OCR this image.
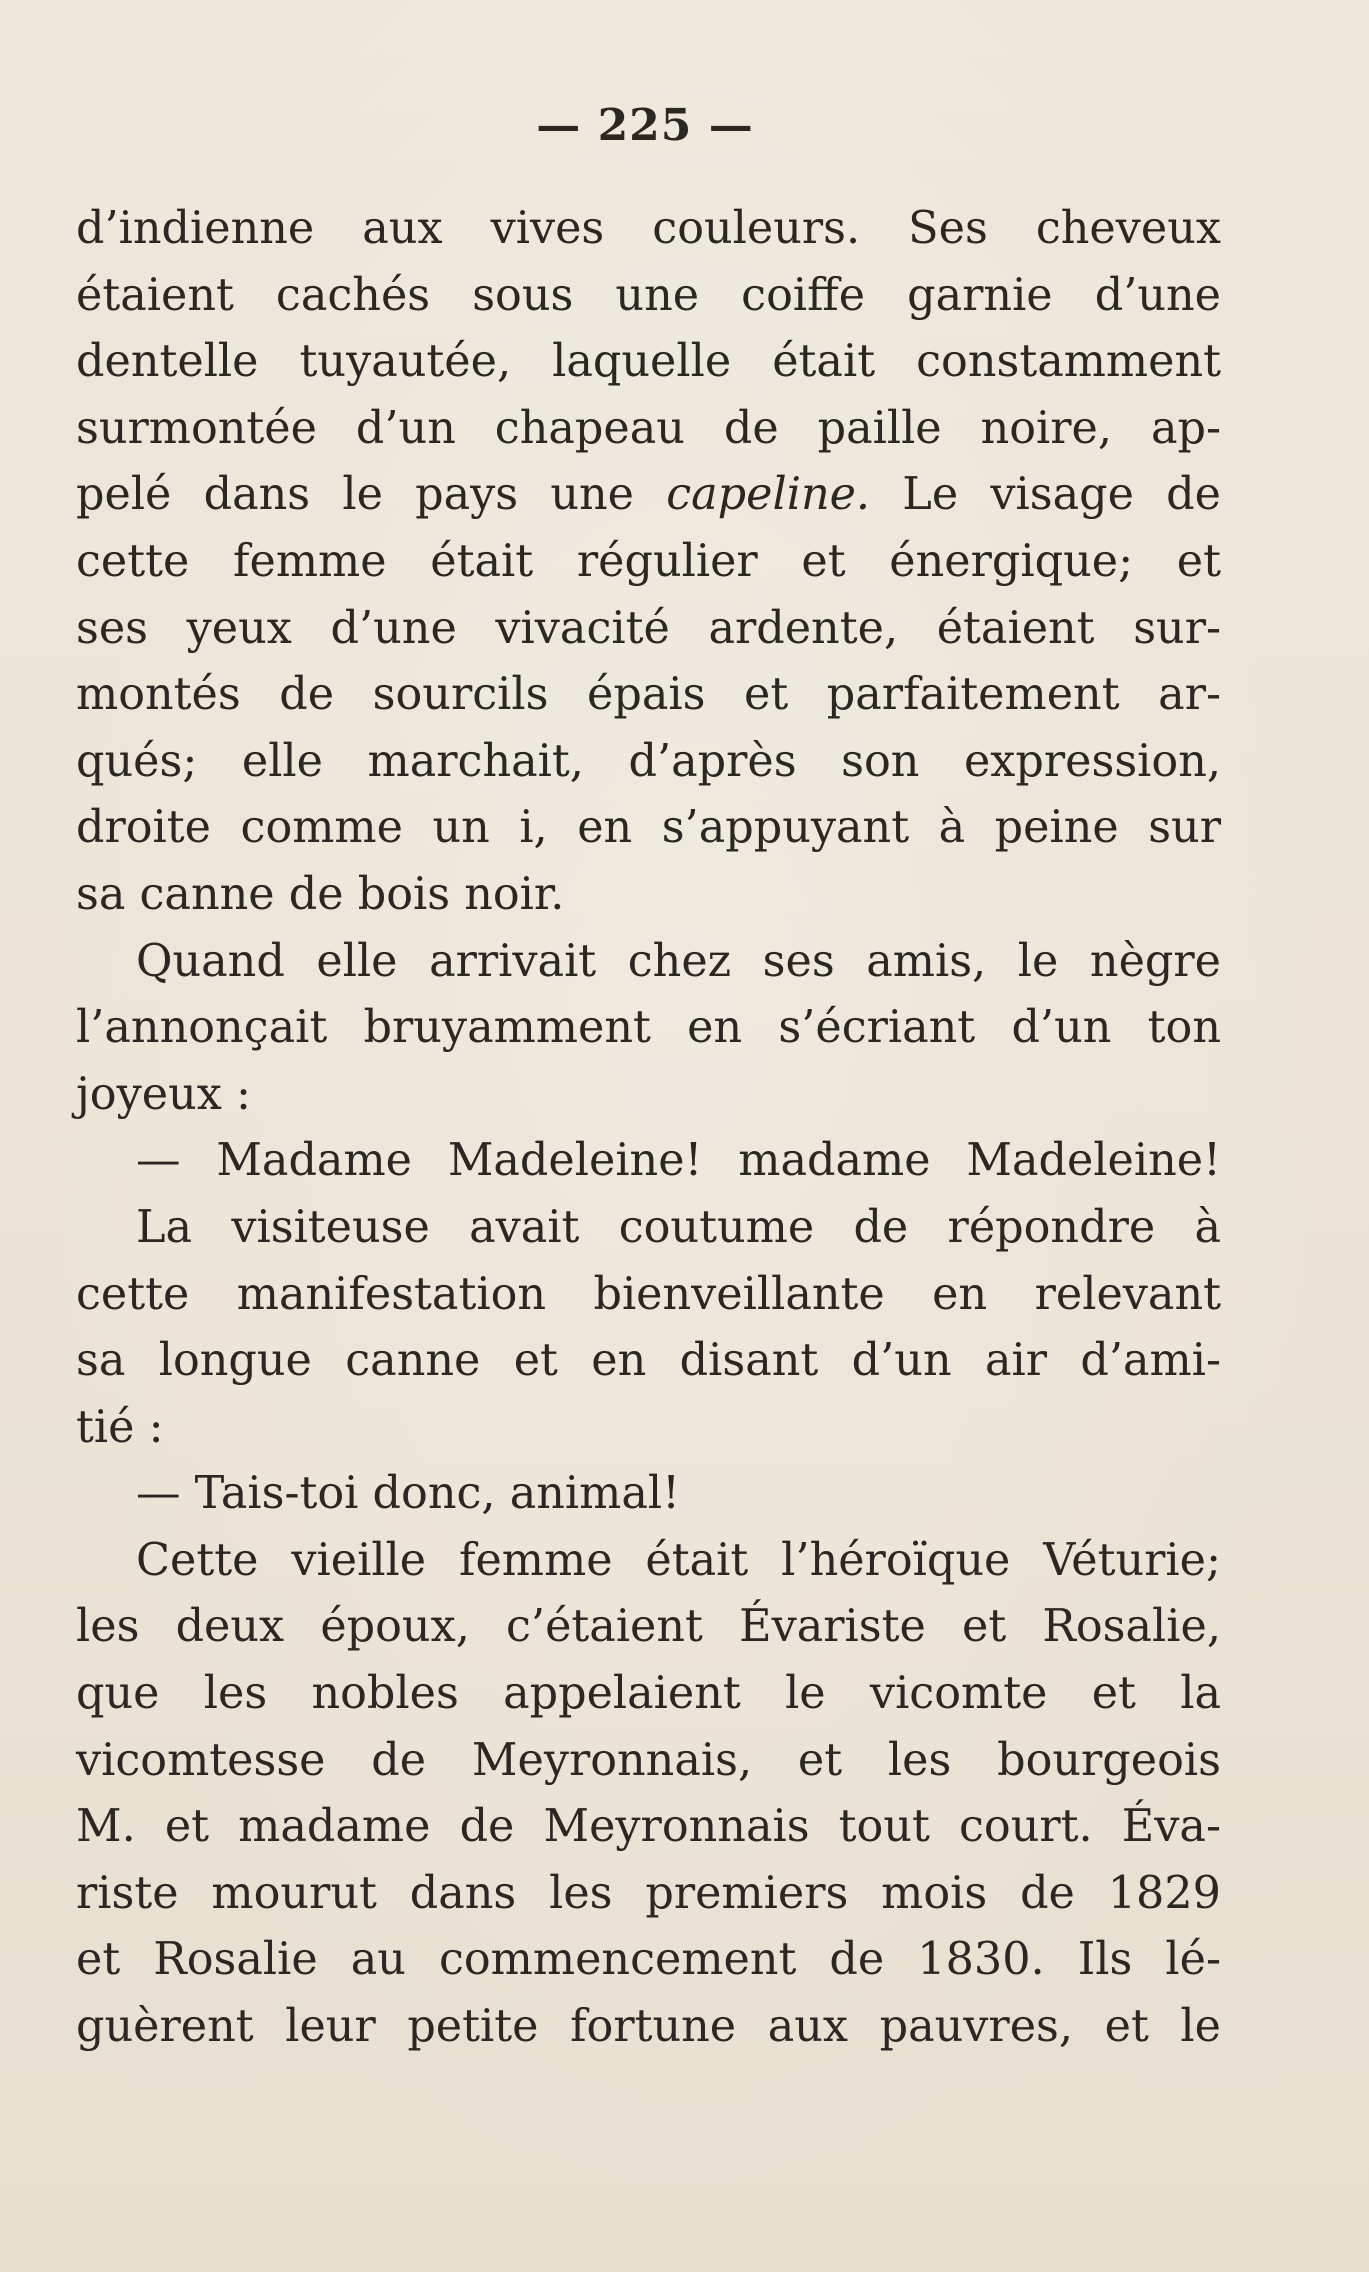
— 225 —
d’indienne aux vives couleurs. Ses cheveux
étaient cachés sous une coiffe garnie d’une
dentelle tuyautée, laquelle était constamment
surmontée d’un chapeau de paille noire, ap-
pelé dans le pays une capeline. Le visage de
cette femme était régulier et énergique; et
ses yeux d’une vivacité ardente, étaient sur-
montés de sourcils épais et parfaitement ar-
qués; elle marchait, d’après son expression,
droite comme un i, en s’appuyant à peine sur
sa canne de bois noir.
Quand elle arrivait chez ses amis, le nègre
l’annonçait bruyamment en s’écriant d’un ton
joyeux :
— Madame Madeleine! madame Madeleine!
La visiteuse avait coutume de répondre à
cette manifestation bienveillante en relevant
sa longue canne et en disant d’un air d’ami-
tié :
— Tais-toi donc, animal!
Cette vieille femme était l’héroïque Véturie;
les deux époux, c’étaient Évariste et Rosalie,
que les nobles appelaient le vicomte et la
vicomtesse de Meyronnais, et les bourgeois
M. et madame de Meyronnais tout court. Éva-
riste mourut dans les premiers mois de 1829
et Rosalie au commencement de 1830. Ils lé-
guèrent leur petite fortune aux pauvres, et le
